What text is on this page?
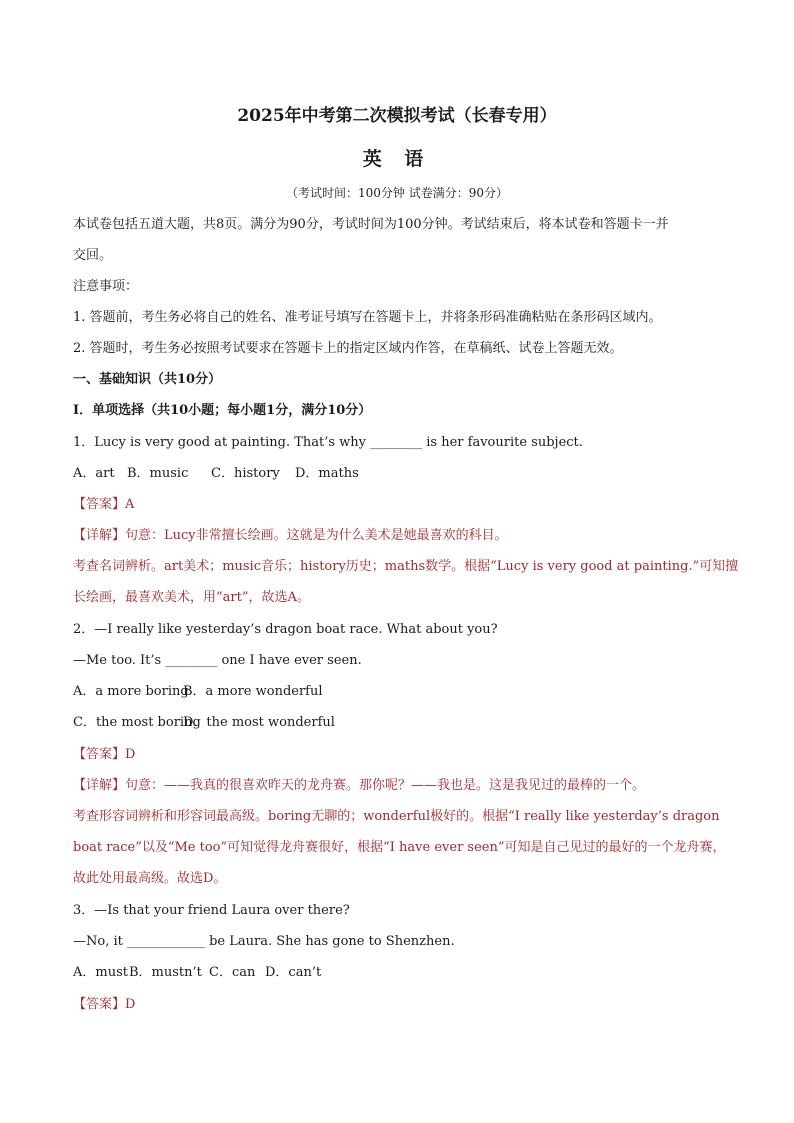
2025年中考第二次模拟考试（长春专用）
英 语
（考试时间：100分钟 试卷满分：90分）
本试卷包括五道大题，共8页。满分为90分，考试时间为100分钟。考试结束后，将本试卷和答题卡一并
交回。
注意事项：
1. 答题前，考生务必将自己的姓名、准考证号填写在答题卡上，并将条形码准确粘贴在条形码区域内。
2. 答题时，考生务必按照考试要求在答题卡上的指定区域内作答，在草稿纸、试卷上答题无效。
一、基础知识（共10分）
Ⅰ．单项选择（共10小题；每小题1分，满分10分）
1．Lucy is very good at painting. That’s why ________ is her favourite subject.
A．art B．music C．history D．maths
【答案】A
【详解】句意：Lucy非常擅长绘画。这就是为什么美术是她最喜欢的科目。
考查名词辨析。art美术；music音乐；history历史；maths数学。根据“Lucy is very good at painting.”可知擅
长绘画，最喜欢美术，用“art”，故选A。
2．—I really like yesterday’s dragon boat race. What about you?
—Me too. It’s ________ one I have ever seen.
A．a more boringB．a more wonderful
C．the most boringD．the most wonderful
【答案】D
【详解】句意：——我真的很喜欢昨天的龙舟赛。那你呢？——我也是。这是我见过的最棒的一个。
考查形容词辨析和形容词最高级。boring无聊的；wonderful极好的。根据“I really like yesterday’s dragon
boat race”以及“Me too”可知觉得龙舟赛很好，根据“I have ever seen”可知是自己见过的最好的一个龙舟赛，
故此处用最高级。故选D。
3．—Is that your friend Laura over there?
—No, it ____________ be Laura. She has gone to Shenzhen.
A．mustB．mustn’t C．can D．can’t
【答案】D
